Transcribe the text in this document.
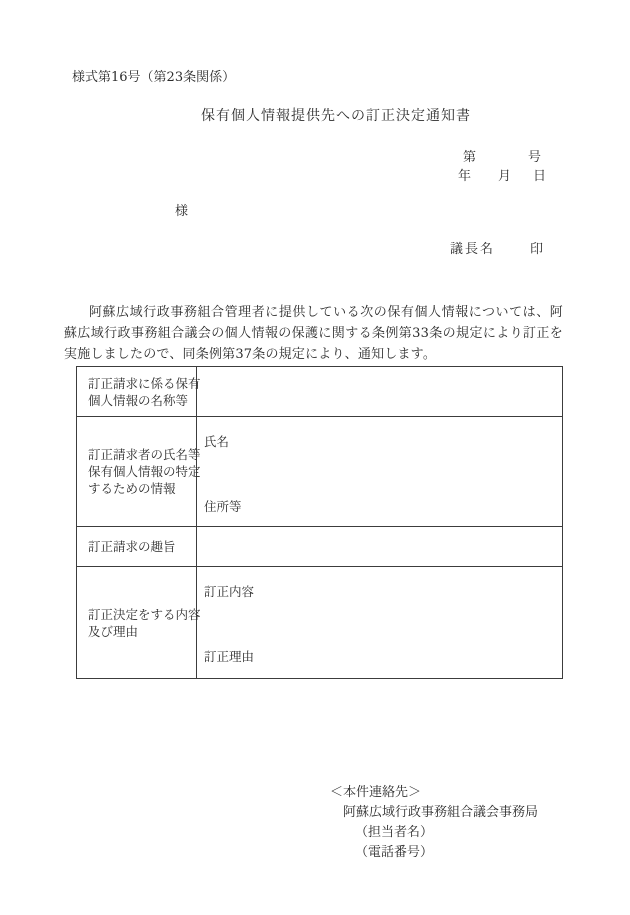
様式第16号（第23条関係）
保有個人情報提供先への訂正決定通知書
第	号
年 月 日
様
議長名	印

阿蘇広域行政事務組合管理者に提供している次の保有個人情報については、阿蘇広域行政事務組合議会の個人情報の保護に関する条例第33条の規定により訂正を実施しましたので、同条例第37条の規定により、通知します。

訂正請求に係る保有
個人情報の名称等
訂正請求者の氏名等
保有個人情報の特定
するための情報
氏名
住所等
訂正請求の趣旨
訂正決定をする内容
及び理由
訂正内容
訂正理由
＜本件連絡先＞
阿蘇広域行政事務組合議会事務局
（担当者名）
（電話番号）
